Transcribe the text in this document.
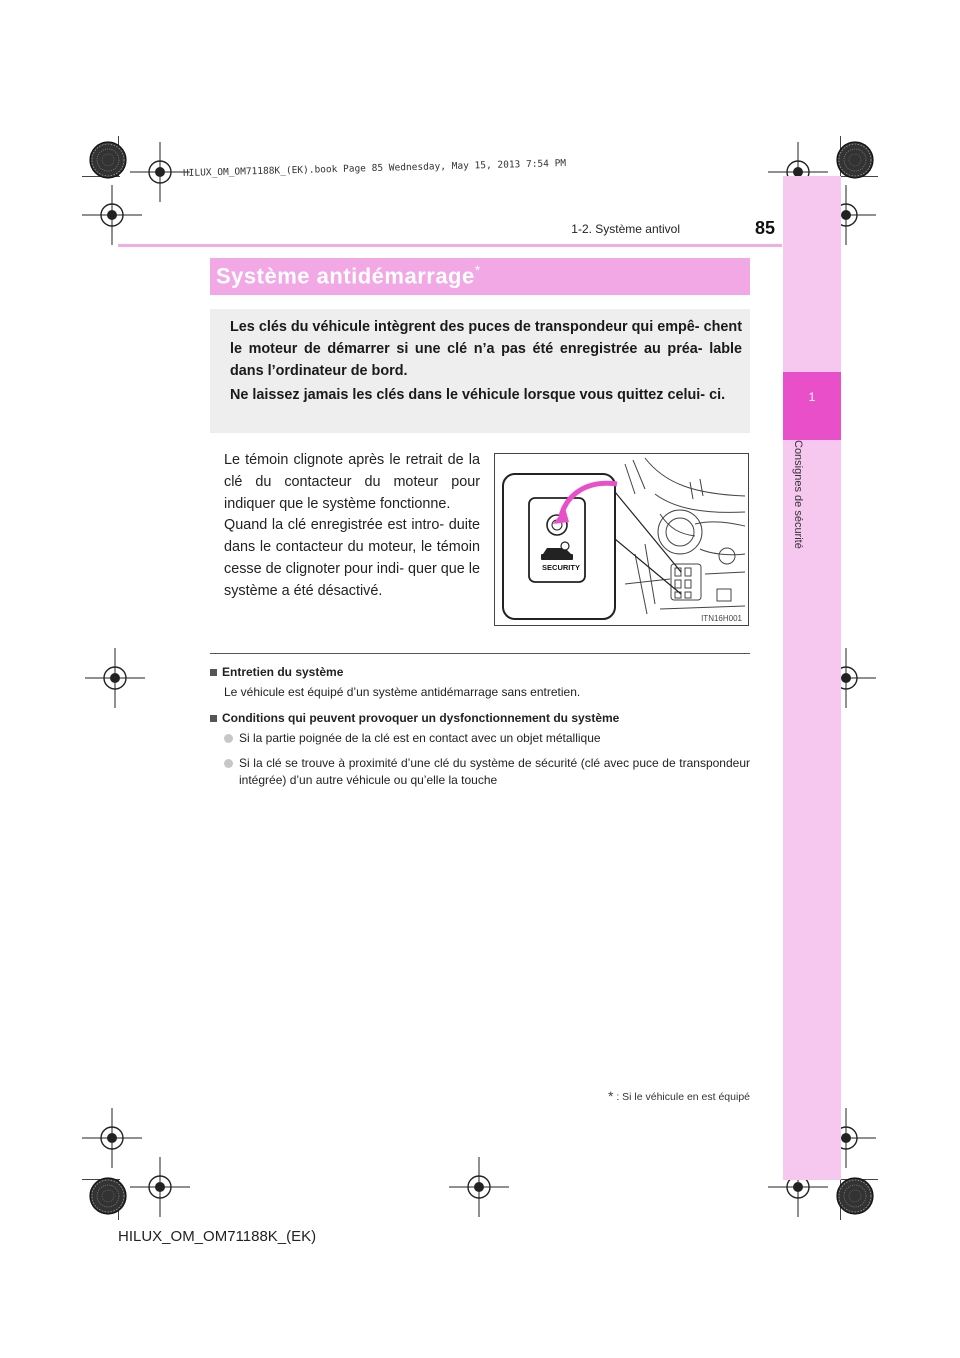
HILUX_OM_OM71188K_(EK).book Page 85 Wednesday, May 15, 2013 7:54 PM
1
Consignes de sécurité
1-2. Système antivol	85
Système antidémarrage*

Les clés du véhicule intègrent des puces de transpondeur qui empê- chent le moteur de démarrer si une clé n’a pas été enregistrée au préa- lable dans l’ordinateur de bord.

Ne laissez jamais les clés dans le véhicule lorsque vous quittez celui- ci.

Le témoin clignote après le retrait de la clé du contacteur du moteur pour indiquer que le système fonctionne.

Quand la clé enregistrée est intro- duite dans le contacteur du moteur, le témoin cesse de clignoter pour indi- quer que le système a été désactivé.

SECURITY
ITN16H001

Entretien du système

Le véhicule est équipé d’un système antidémarrage sans entretien.

Conditions qui peuvent provoquer un dysfonctionnement du système

Si la partie poignée de la clé est en contact avec un objet métallique

Si la clé se trouve à proximité d’une clé du système de sécurité (clé avec puce de transpondeur intégrée) d’un autre véhicule ou qu’elle la touche

* : Si le véhicule en est équipé
HILUX_OM_OM71188K_(EK)
